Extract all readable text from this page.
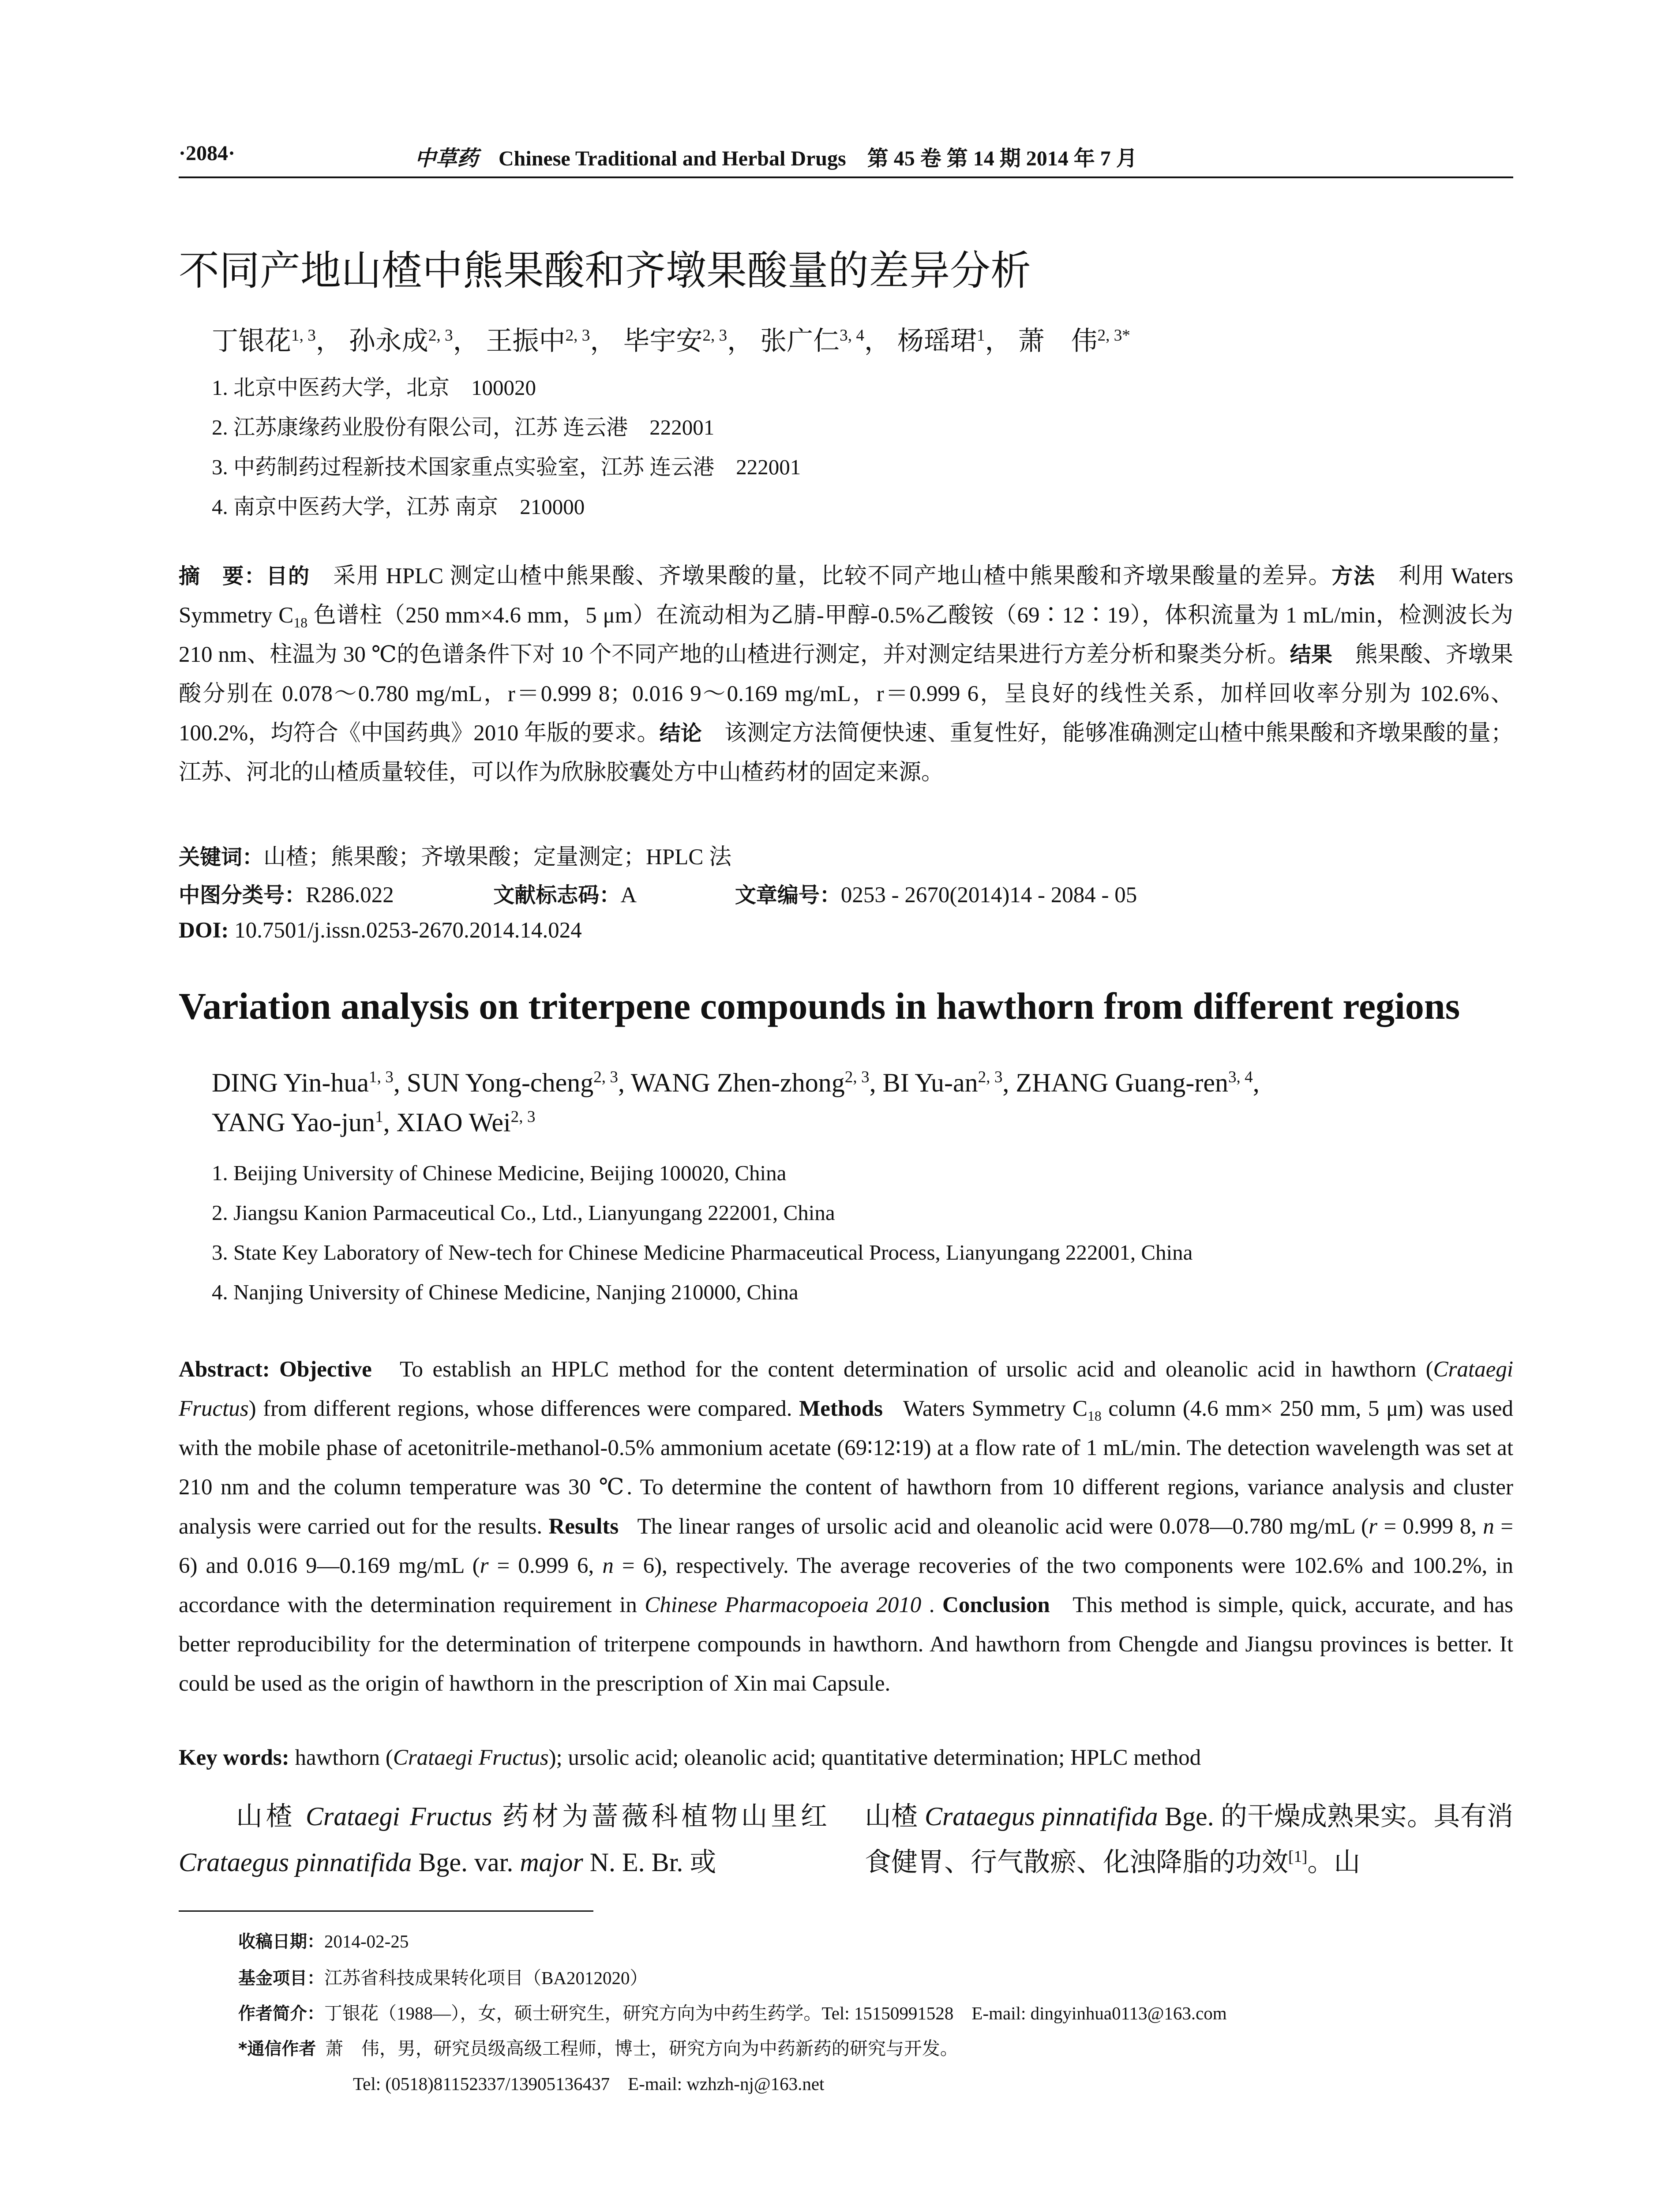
·2084·	中草药 Chinese Traditional and Herbal Drugs 第 45 卷 第 14 期 2014 年 7 月
不同产地山楂中熊果酸和齐墩果酸量的差异分析
丁银花$^{1, 3}$， 孙永成$^{2, 3}$， 王振中$^{2, 3}$， 毕宇安$^{2, 3}$， 张广仁$^{3, 4}$， 杨瑶珺$^1$， 萧　伟$^{2, 3*}$
1. 北京中医药大学，北京　100020
2. 江苏康缘药业股份有限公司，江苏 连云港　222001
3. 中药制药过程新技术国家重点实验室，江苏 连云港　222001
4. 南京中医药大学，江苏 南京　210000
摘　要：目的　 采用 HPLC 测定山楂中熊果酸、齐墩果酸的量，比较不同产地山楂中熊果酸和齐墩果酸量的差异。方法　 利用 Waters Symmetry $C_{18}$ 色谱柱（250 mm×4.6 mm，5 μm）在流动相为乙腈-甲醇-0.5%乙酸铵（69∶12∶19），体积流量为 1 mL/min，检测波长为 210 nm、柱温为 30 ℃的色谱条件下对 10 个不同产地的山楂进行测定，并对测定结果进行方差分析和聚类分析。结果　 熊果酸、齐墩果酸分别在 0.078～0.780 mg/mL，r＝0.999 8；0.016 9～0.169 mg/mL，r＝0.999 6，呈良好的线性关系，加样回收率分别为 102.6%、100.2%，均符合《中国药典》2010 年版的要求。结论　 该测定方法简便快速、重复性好，能够准确测定山楂中熊果酸和齐墩果酸的量；江苏、河北的山楂质量较佳，可以作为欣脉胶囊处方中山楂药材的固定来源。
关键词：山楂；熊果酸；齐墩果酸；定量测定；HPLC 法
中图分类号：R286.022	文献标志码：A	文章编号：0253 - 2670(2014)14 - 2084 - 05
DOI: 10.7501/j.issn.0253-2670.2014.14.024
Variation analysis on triterpene compounds in hawthorn from different regions
DING Yin-hua$^{1, 3}$, SUN Yong-cheng$^{2, 3}$, WANG Zhen-zhong$^{2, 3}$, BI Yu-an$^{2, 3}$, ZHANG Guang-ren$^{3, 4}$,
YANG Yao-jun$^1$, XIAO Wei$^{2, 3}$
1. Beijing University of Chinese Medicine, Beijing 100020, China
2. Jiangsu Kanion Parmaceutical Co., Ltd., Lianyungang 222001, China
3. State Key Laboratory of New-tech for Chinese Medicine Pharmaceutical Process, Lianyungang 222001, China
4. Nanjing University of Chinese Medicine, Nanjing 210000, China
Abstract: Objective To establish an HPLC method for the content determination of ursolic acid and oleanolic acid in hawthorn (Crataegi Fructus) from different regions, whose differences were compared. Methods Waters Symmetry $C_{18}$ column (4.6 mm× 250 mm, 5 μm) was used with the mobile phase of acetonitrile-methanol-0.5% ammonium acetate (69∶12∶19) at a flow rate of 1 mL/min. The detection wavelength was set at 210 nm and the column temperature was 30 ℃. To determine the content of hawthorn from 10 different regions, variance analysis and cluster analysis were carried out for the results. Results The linear ranges of ursolic acid and oleanolic acid were 0.078—0.780 mg/mL (r = 0.999 8, n = 6) and 0.016 9—0.169 mg/mL (r = 0.999 6, n = 6), respectively. The average recoveries of the two components were 102.6% and 100.2%, in accordance with the determination requirement in Chinese Pharmacopoeia 2010 . Conclusion This method is simple, quick, accurate, and has better reproducibility for the determination of triterpene compounds in hawthorn. And hawthorn from Chengde and Jiangsu provinces is better. It could be used as the origin of hawthorn in the prescription of Xin mai Capsule.
Key words: hawthorn (Crataegi Fructus); ursolic acid; oleanolic acid; quantitative determination; HPLC method
山楂 Crataegi Fructus 药材为蔷薇科植物山里红 Crataegus pinnatifida Bge. var. major N. E. Br. 或
山楂 Crataegus pinnatifida Bge. 的干燥成熟果实。具有消食健胃、行气散瘀、化浊降脂的功效[1]。山
收稿日期：2014-02-25
基金项目：江苏省科技成果转化项目（BA2012020）
作者简介：丁银花（1988—），女，硕士研究生，研究方向为中药生药学。Tel: 15150991528　E-mail: dingyinhua0113@163.com
*通信作者 萧　伟，男，研究员级高级工程师，博士，研究方向为中药新药的研究与开发。
Tel: (0518)81152337/13905136437　E-mail: wzhzh-nj@163.net
